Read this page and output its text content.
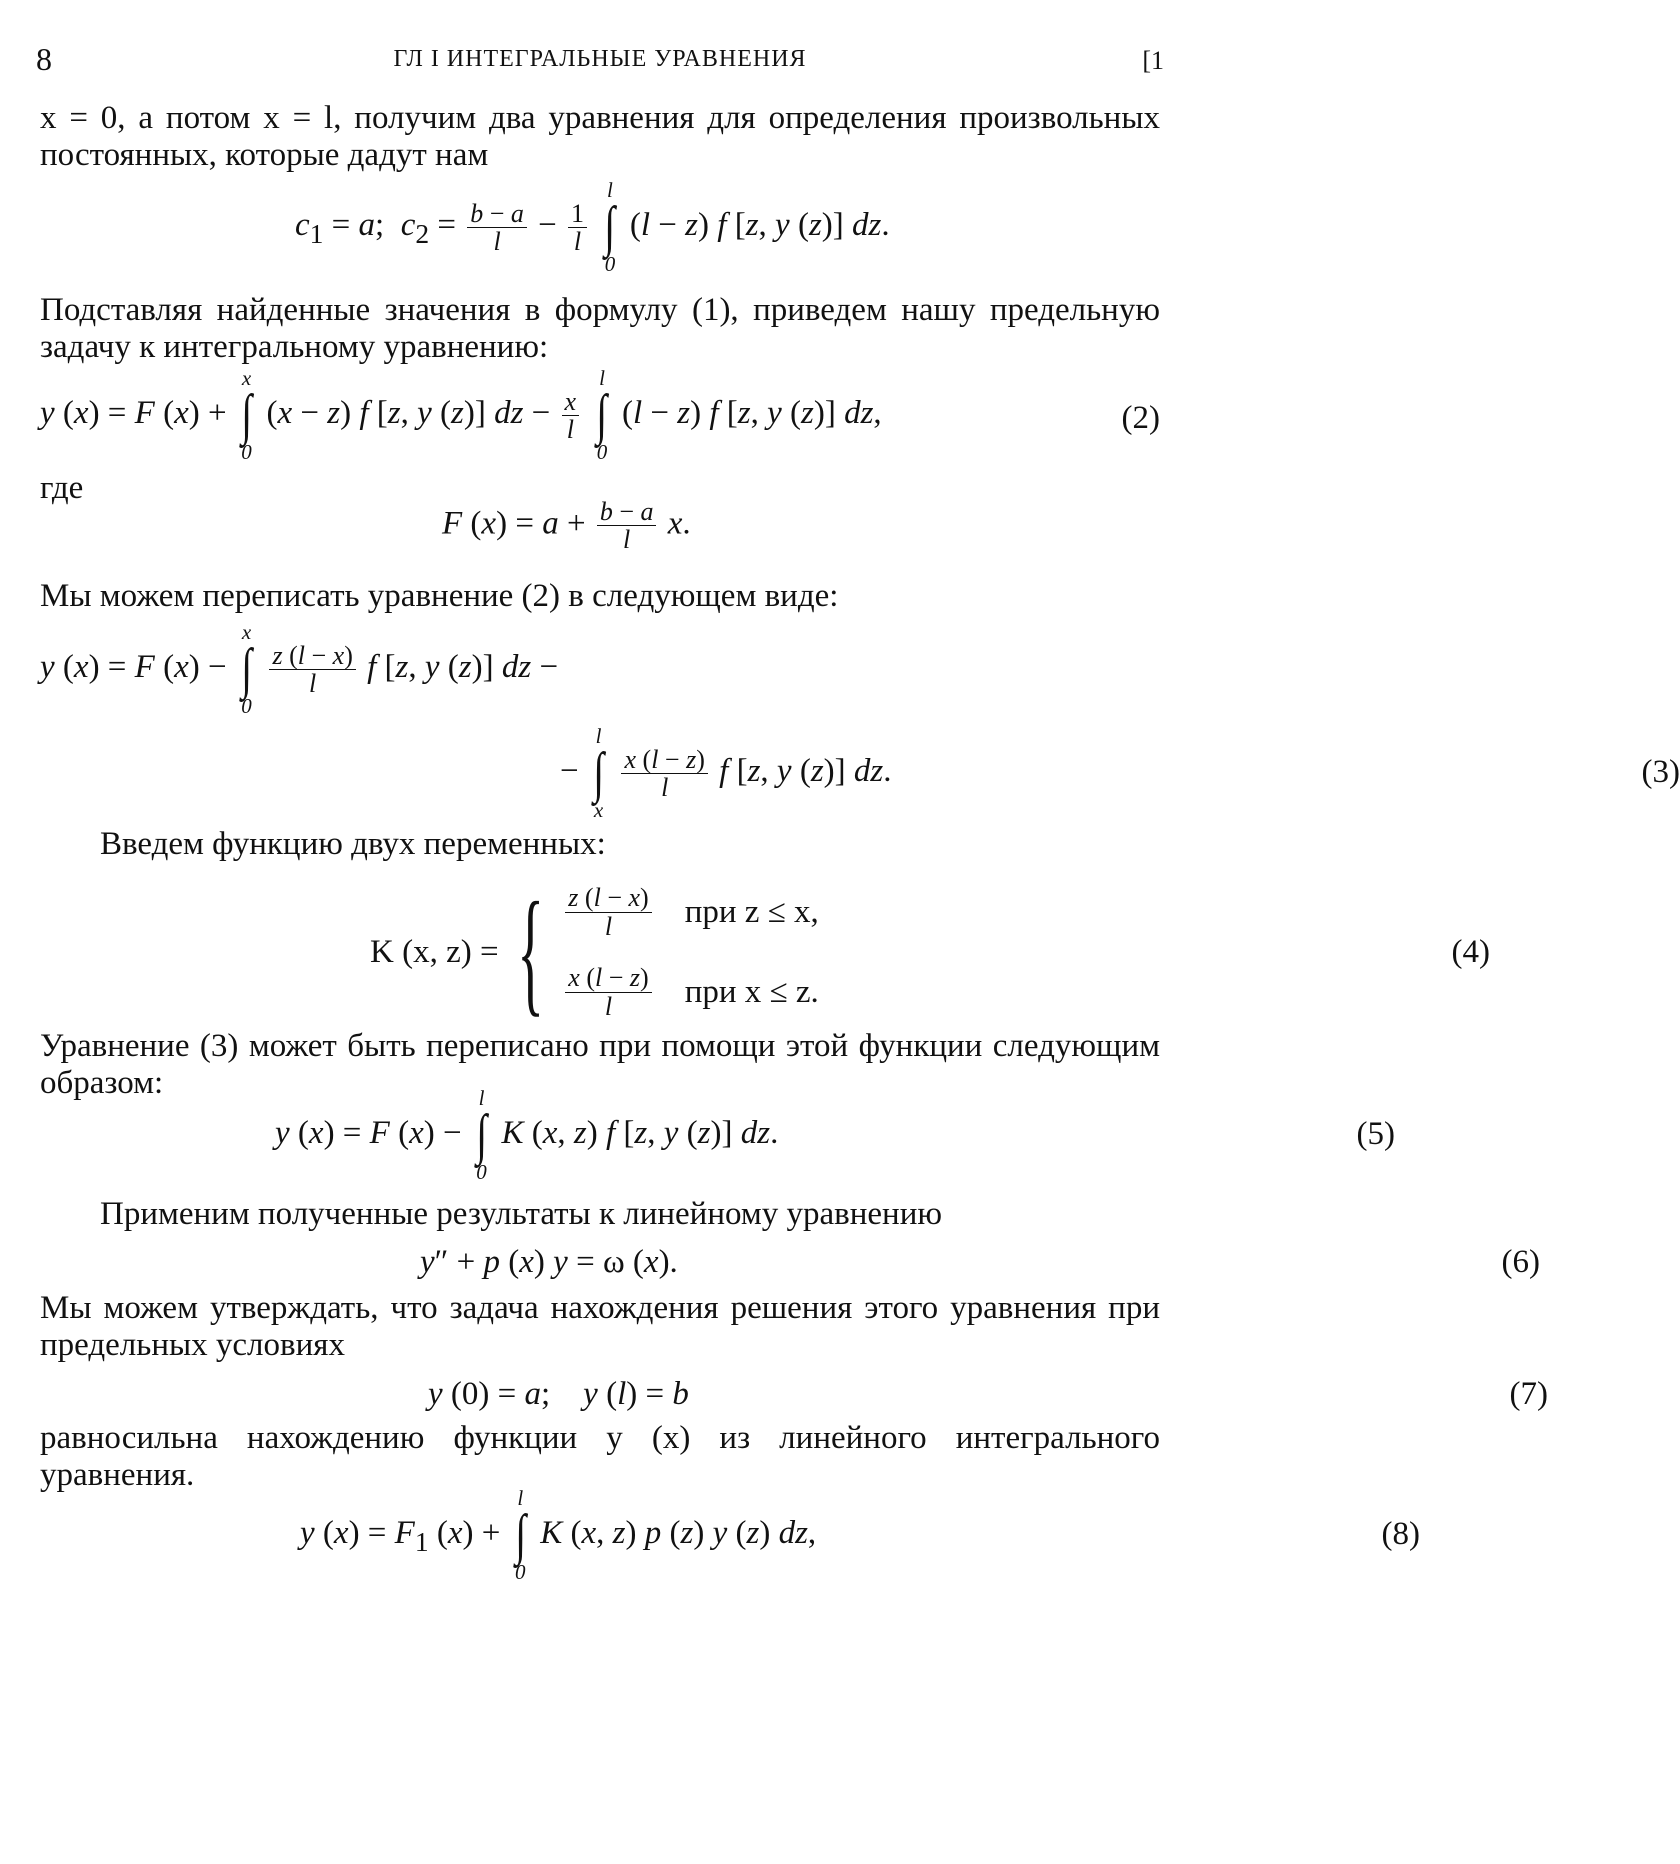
8	ГЛ I ИНТЕГРАЛЬНЫЕ УРАВНЕНИЯ	[1
x = 0, а потом x = l, получим два уравнения для определения произвольных постоянных, которые дадут нам
$c_1 = a$;  $c_2 = \frac{b - a}{l} - \frac{1}{l}$

l
∫
0
(l − z) f [z, y (z)] dz.
Подставляя найденные значения в формулу (1), приведем нашу предельную задачу к интегральному уравнению:
y (x) = F (x) +
x
∫
0
(x − z) f [z, y (z)] dz − $\frac{x}{l}$

l
∫
0
(l − z) f [z, y (z)] dz,	(2)
где
F $(x) = a + \frac{b - a}{l} x$.
Мы можем переписать уравнение (2) в следующем виде:
y (x) = F (x) −
x
∫
0

$\frac{z (l - x)}{l}$ f [z, y (z)] dz −
−
l
∫
x

$\frac{x (l - z)}{l}$ f [z, y (z)] dz.	(3)
Введем функцию двух переменных:
K (x, z) = { $\frac{z (l - x)}{l}$ при z ≤ x,
$\frac{x (l - z)}{l}$ при x ≤ z.
(4)
Уравнение (3) может быть переписано при помощи этой функции следующим образом:
y (x) = F (x) −
l
∫
0
K (x, z) f [z, y (z)] dz.	(5)
Применим полученные результаты к линейному уравнению
y″ + p (x) y = ω (x).	(6)
Мы можем утверждать, что задача нахождения решения этого уравнения при предельных условиях
y (0) = a;    y (l) = b	(7)
равносильна нахождению функции y (x) из линейного интегрального уравнения.
y $(x) = F_1$ (x) +
l
∫
0
K (x, z) p (z) y (z) dz,	(8)
